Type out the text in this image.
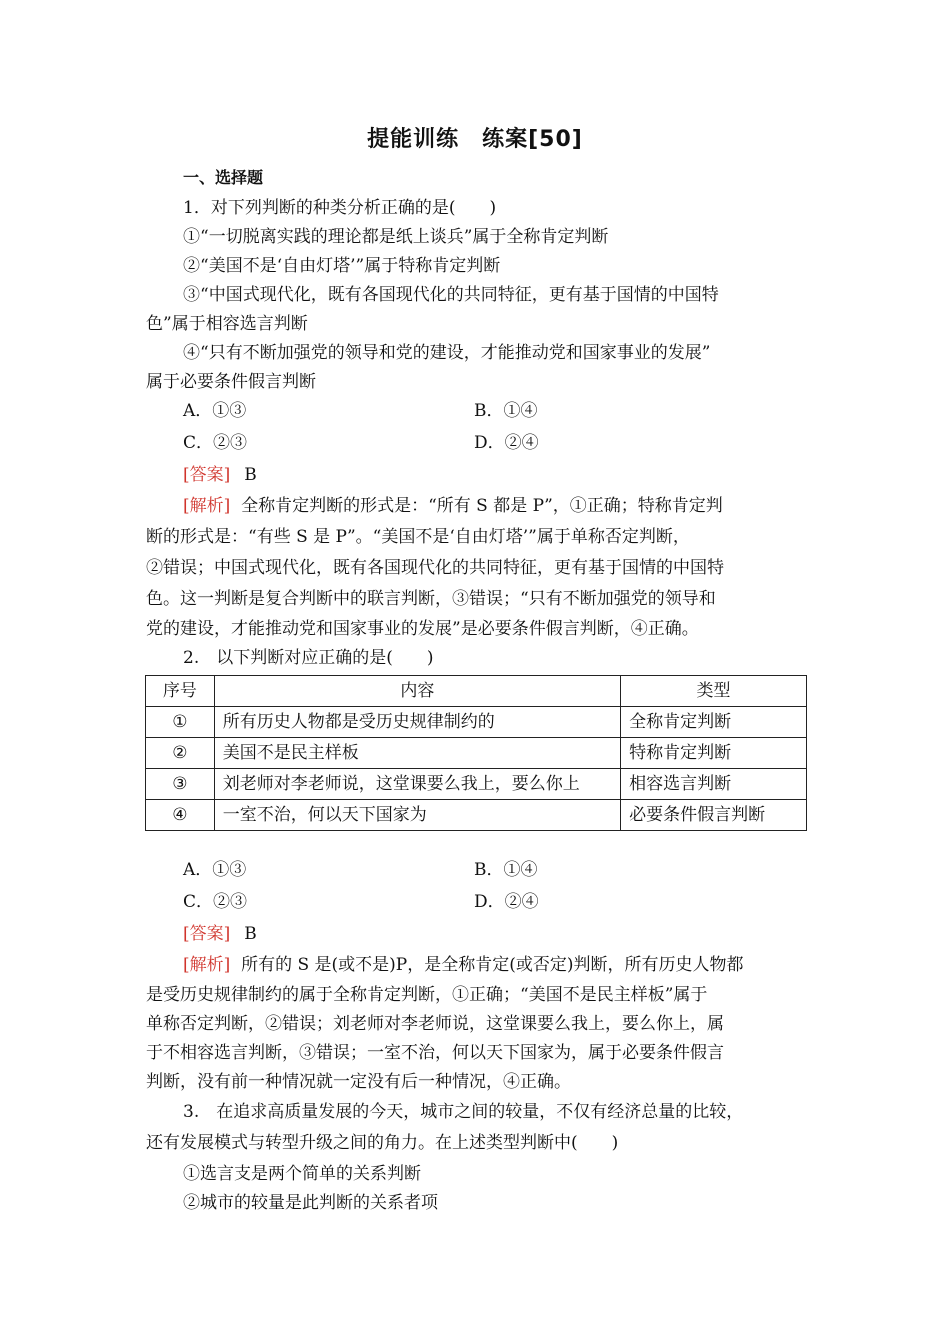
提能训练　练案[50]
一、选择题
1．对下列判断的种类分析正确的是(　　)
①“一切脱离实践的理论都是纸上谈兵”属于全称肯定判断
②“美国不是‘自由灯塔’”属于特称肯定判断
③“中国式现代化，既有各国现代化的共同特征，更有基于国情的中国特
色”属于相容选言判断
④“只有不断加强党的领导和党的建设，才能推动党和国家事业的发展”
属于必要条件假言判断
A．①③	B．①④
C．②③	D．②④
[答案] B
[解析] 全称肯定判断的形式是：“所有 S 都是 P”，①正确；特称肯定判
断的形式是：“有些 S 是 P”。“美国不是‘自由灯塔’”属于单称否定判断，
②错误；中国式现代化，既有各国现代化的共同特征，更有基于国情的中国特
色。这一判断是复合判断中的联言判断，③错误；“只有不断加强党的领导和
党的建设，才能推动党和国家事业的发展”是必要条件假言判断，④正确。
2.　以下判断对应正确的是(　　)
序号	内容	类型
①	所有历史人物都是受历史规律制约的	全称肯定判断
②	美国不是民主样板	特称肯定判断
③	刘老师对李老师说，这堂课要么我上，要么你上	相容选言判断
④	一室不治，何以天下国家为	必要条件假言判断
A．①③	B．①④
C．②③	D．②④
[答案] B
[解析] 所有的 S 是(或不是)P，是全称肯定(或否定)判断，所有历史人物都
是受历史规律制约的属于全称肯定判断，①正确；“美国不是民主样板”属于
单称否定判断，②错误；刘老师对李老师说，这堂课要么我上，要么你上，属
于不相容选言判断，③错误；一室不治，何以天下国家为，属于必要条件假言
判断，没有前一种情况就一定没有后一种情况，④正确。
3.　在追求高质量发展的今天，城市之间的较量，不仅有经济总量的比较，
还有发展模式与转型升级之间的角力。在上述类型判断中(　　)
①选言支是两个简单的关系判断
②城市的较量是此判断的关系者项
